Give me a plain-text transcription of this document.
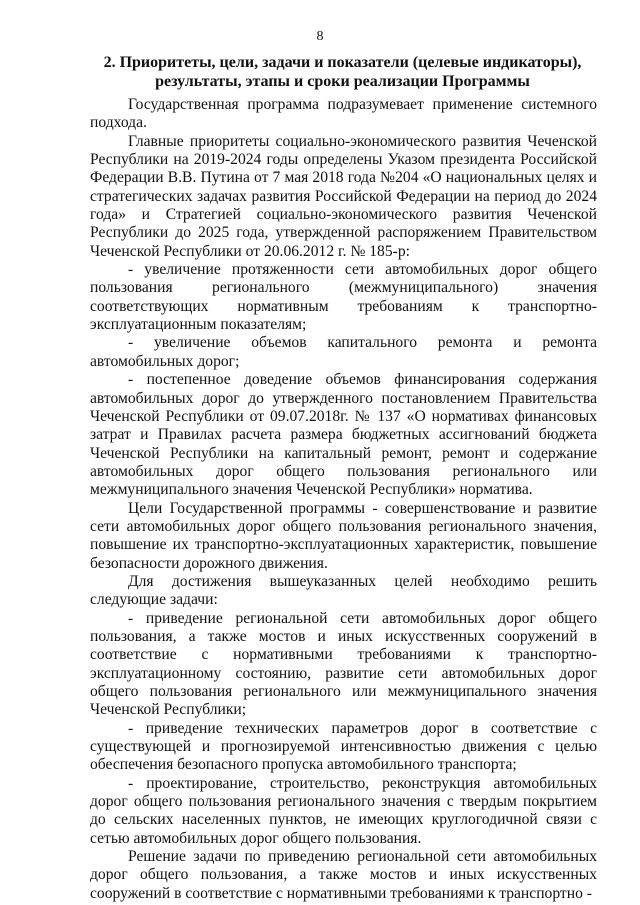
8
2. Приоритеты, цели, задачи и показатели (целевые индикаторы),
результаты, этапы и сроки реализации Программы

Государственная программа подразумевает применение системного подхода.

Главные приоритеты социально-экономического развития Чеченской Республики на 2019-2024 годы определены Указом президента Российской Федерации В.В. Путина от 7 мая 2018 года №204 «О национальных целях и стратегических задачах развития Российской Федерации на период до 2024 года» и Стратегией социально-экономического развития Чеченской Республики до 2025 года, утвержденной распоряжением Правительством Чеченской Республики от 20.06.2012 г. № 185-р:

- увеличение протяженности сети автомобильных дорог общего пользования регионального (межмуниципального) значения соответствующих нормативным требованиям к транспортно-эксплуатационным показателям;

- увеличение объемов капитального ремонта и ремонта автомобильных дорог;

- постепенное доведение объемов финансирования содержания автомобильных дорог до утвержденного постановлением Правительства Чеченской Республики от 09.07.2018г. № 137 «О нормативах финансовых затрат и Правилах расчета размера бюджетных ассигнований бюджета Чеченской Республики на капитальный ремонт, ремонт и содержание автомобильных дорог общего пользования регионального или межмуниципального значения Чеченской Республики» норматива.

Цели Государственной программы - совершенствование и развитие сети автомобильных дорог общего пользования регионального значения, повышение их транспортно-эксплуатационных характеристик, повышение безопасности дорожного движения.

Для достижения вышеуказанных целей необходимо решить следующие задачи:

- приведение региональной сети автомобильных дорог общего пользования, а также мостов и иных искусственных сооружений в соответствие с нормативными требованиями к транспортно-эксплуатационному состоянию, развитие сети автомобильных дорог общего пользования регионального или межмуниципального значения Чеченской Республики;

- приведение технических параметров дорог в соответствие с существующей и прогнозируемой интенсивностью движения с целью обеспечения безопасного пропуска автомобильного транспорта;

- проектирование, строительство, реконструкция автомобильных дорог общего пользования регионального значения с твердым покрытием до сельских населенных пунктов, не имеющих круглогодичной связи с сетью автомобильных дорог общего пользования.

Решение задачи по приведению региональной сети автомобильных дорог общего пользования, а также мостов и иных искусственных сооружений в соответствие с нормативными требованиями к транспортно -
